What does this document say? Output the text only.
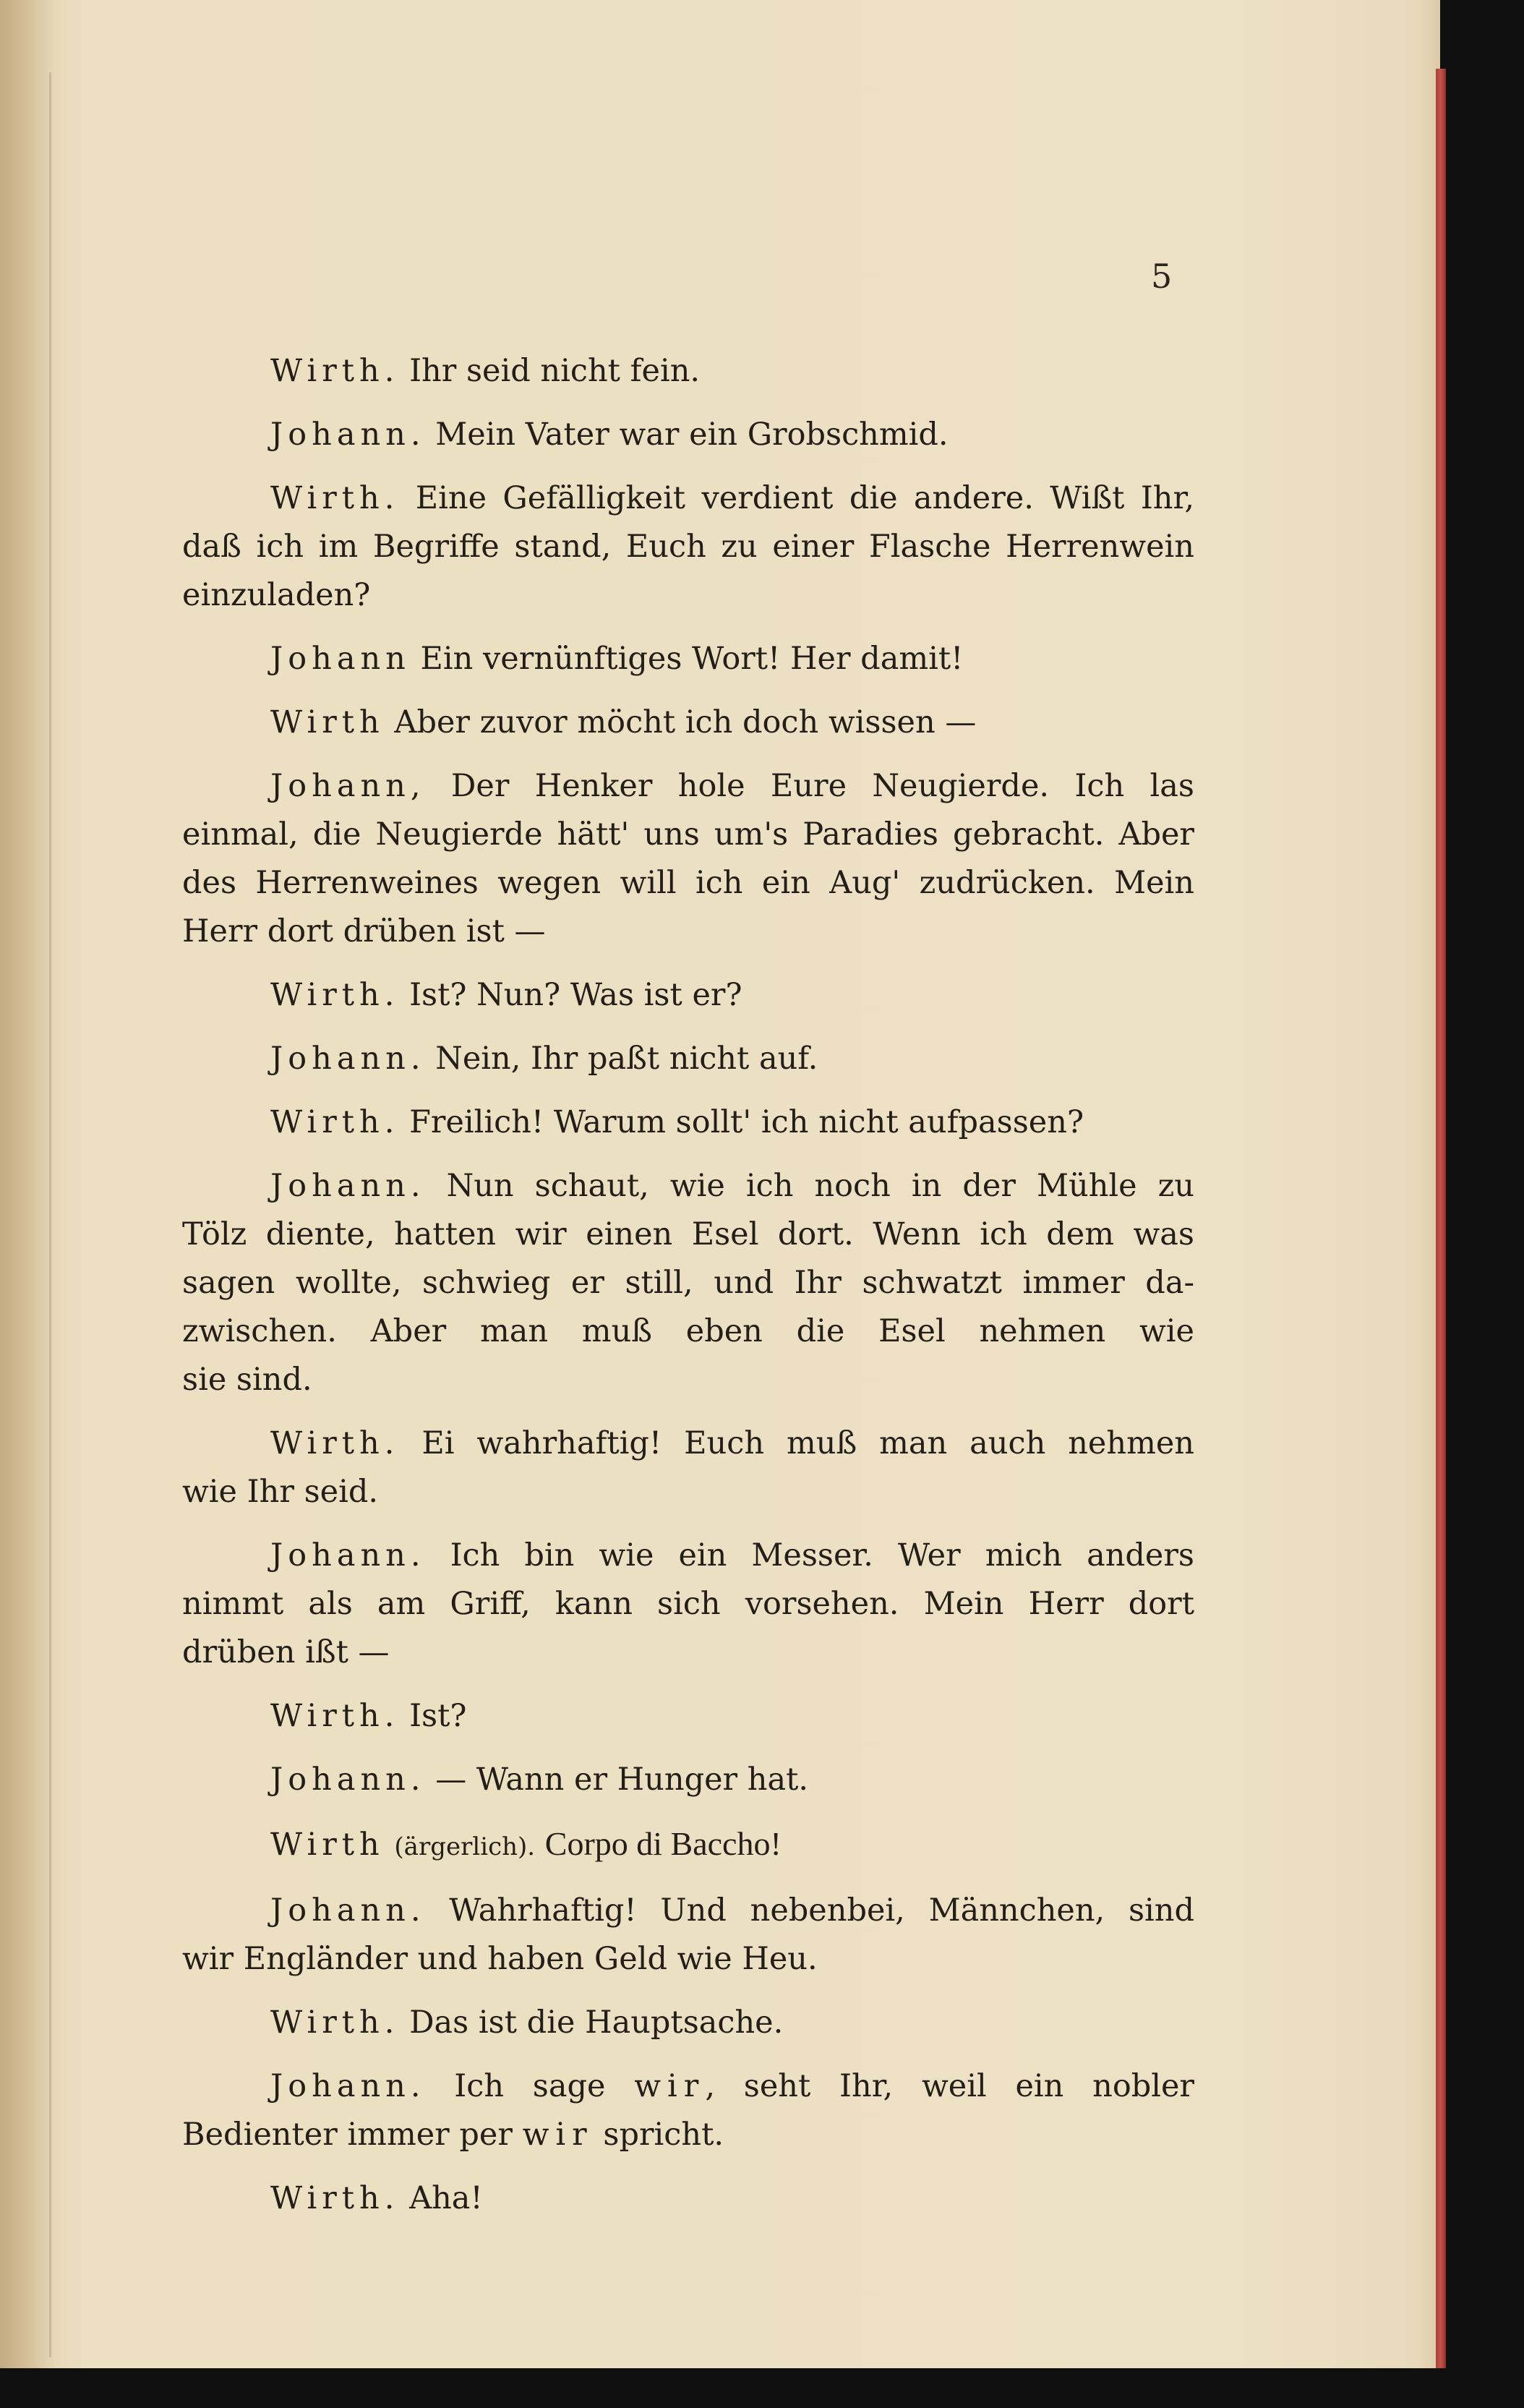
5
Wirth. Ihr seid nicht fein.
Johann. Mein Vater war ein Grobschmid.
Wirth. Eine Gefälligkeit verdient die andere. Wißt Ihr,
daß ich im Begriffe stand, Euch zu einer Flasche Herrenwein
einzuladen?
Johann Ein vernünftiges Wort! Her damit!
Wirth Aber zuvor möcht ich doch wissen —
Johann, Der Henker hole Eure Neugierde. Ich las
einmal, die Neugierde hätt' uns um's Paradies gebracht. Aber
des Herrenweines wegen will ich ein Aug' zudrücken. Mein
Herr dort drüben ist —
Wirth. Ist? Nun? Was ist er?
Johann. Nein, Ihr paßt nicht auf.
Wirth. Freilich! Warum sollt' ich nicht aufpassen?
Johann. Nun schaut, wie ich noch in der Mühle zu
Tölz diente, hatten wir einen Esel dort. Wenn ich dem was
sagen wollte, schwieg er still, und Ihr schwatzt immer da-
zwischen. Aber man muß eben die Esel nehmen wie
sie sind.
Wirth. Ei wahrhaftig! Euch muß man auch nehmen
wie Ihr seid.
Johann. Ich bin wie ein Messer. Wer mich anders
nimmt als am Griff, kann sich vorsehen. Mein Herr dort
drüben ißt —
Wirth. Ist?
Johann. — Wann er Hunger hat.
Wirth (ärgerlich). Corpo di Baccho!
Johann. Wahrhaftig! Und nebenbei, Männchen, sind
wir Engländer und haben Geld wie Heu.
Wirth. Das ist die Hauptsache.
Johann. Ich sage wir, seht Ihr, weil ein nobler
Bedienter immer per wir spricht.
Wirth. Aha!
